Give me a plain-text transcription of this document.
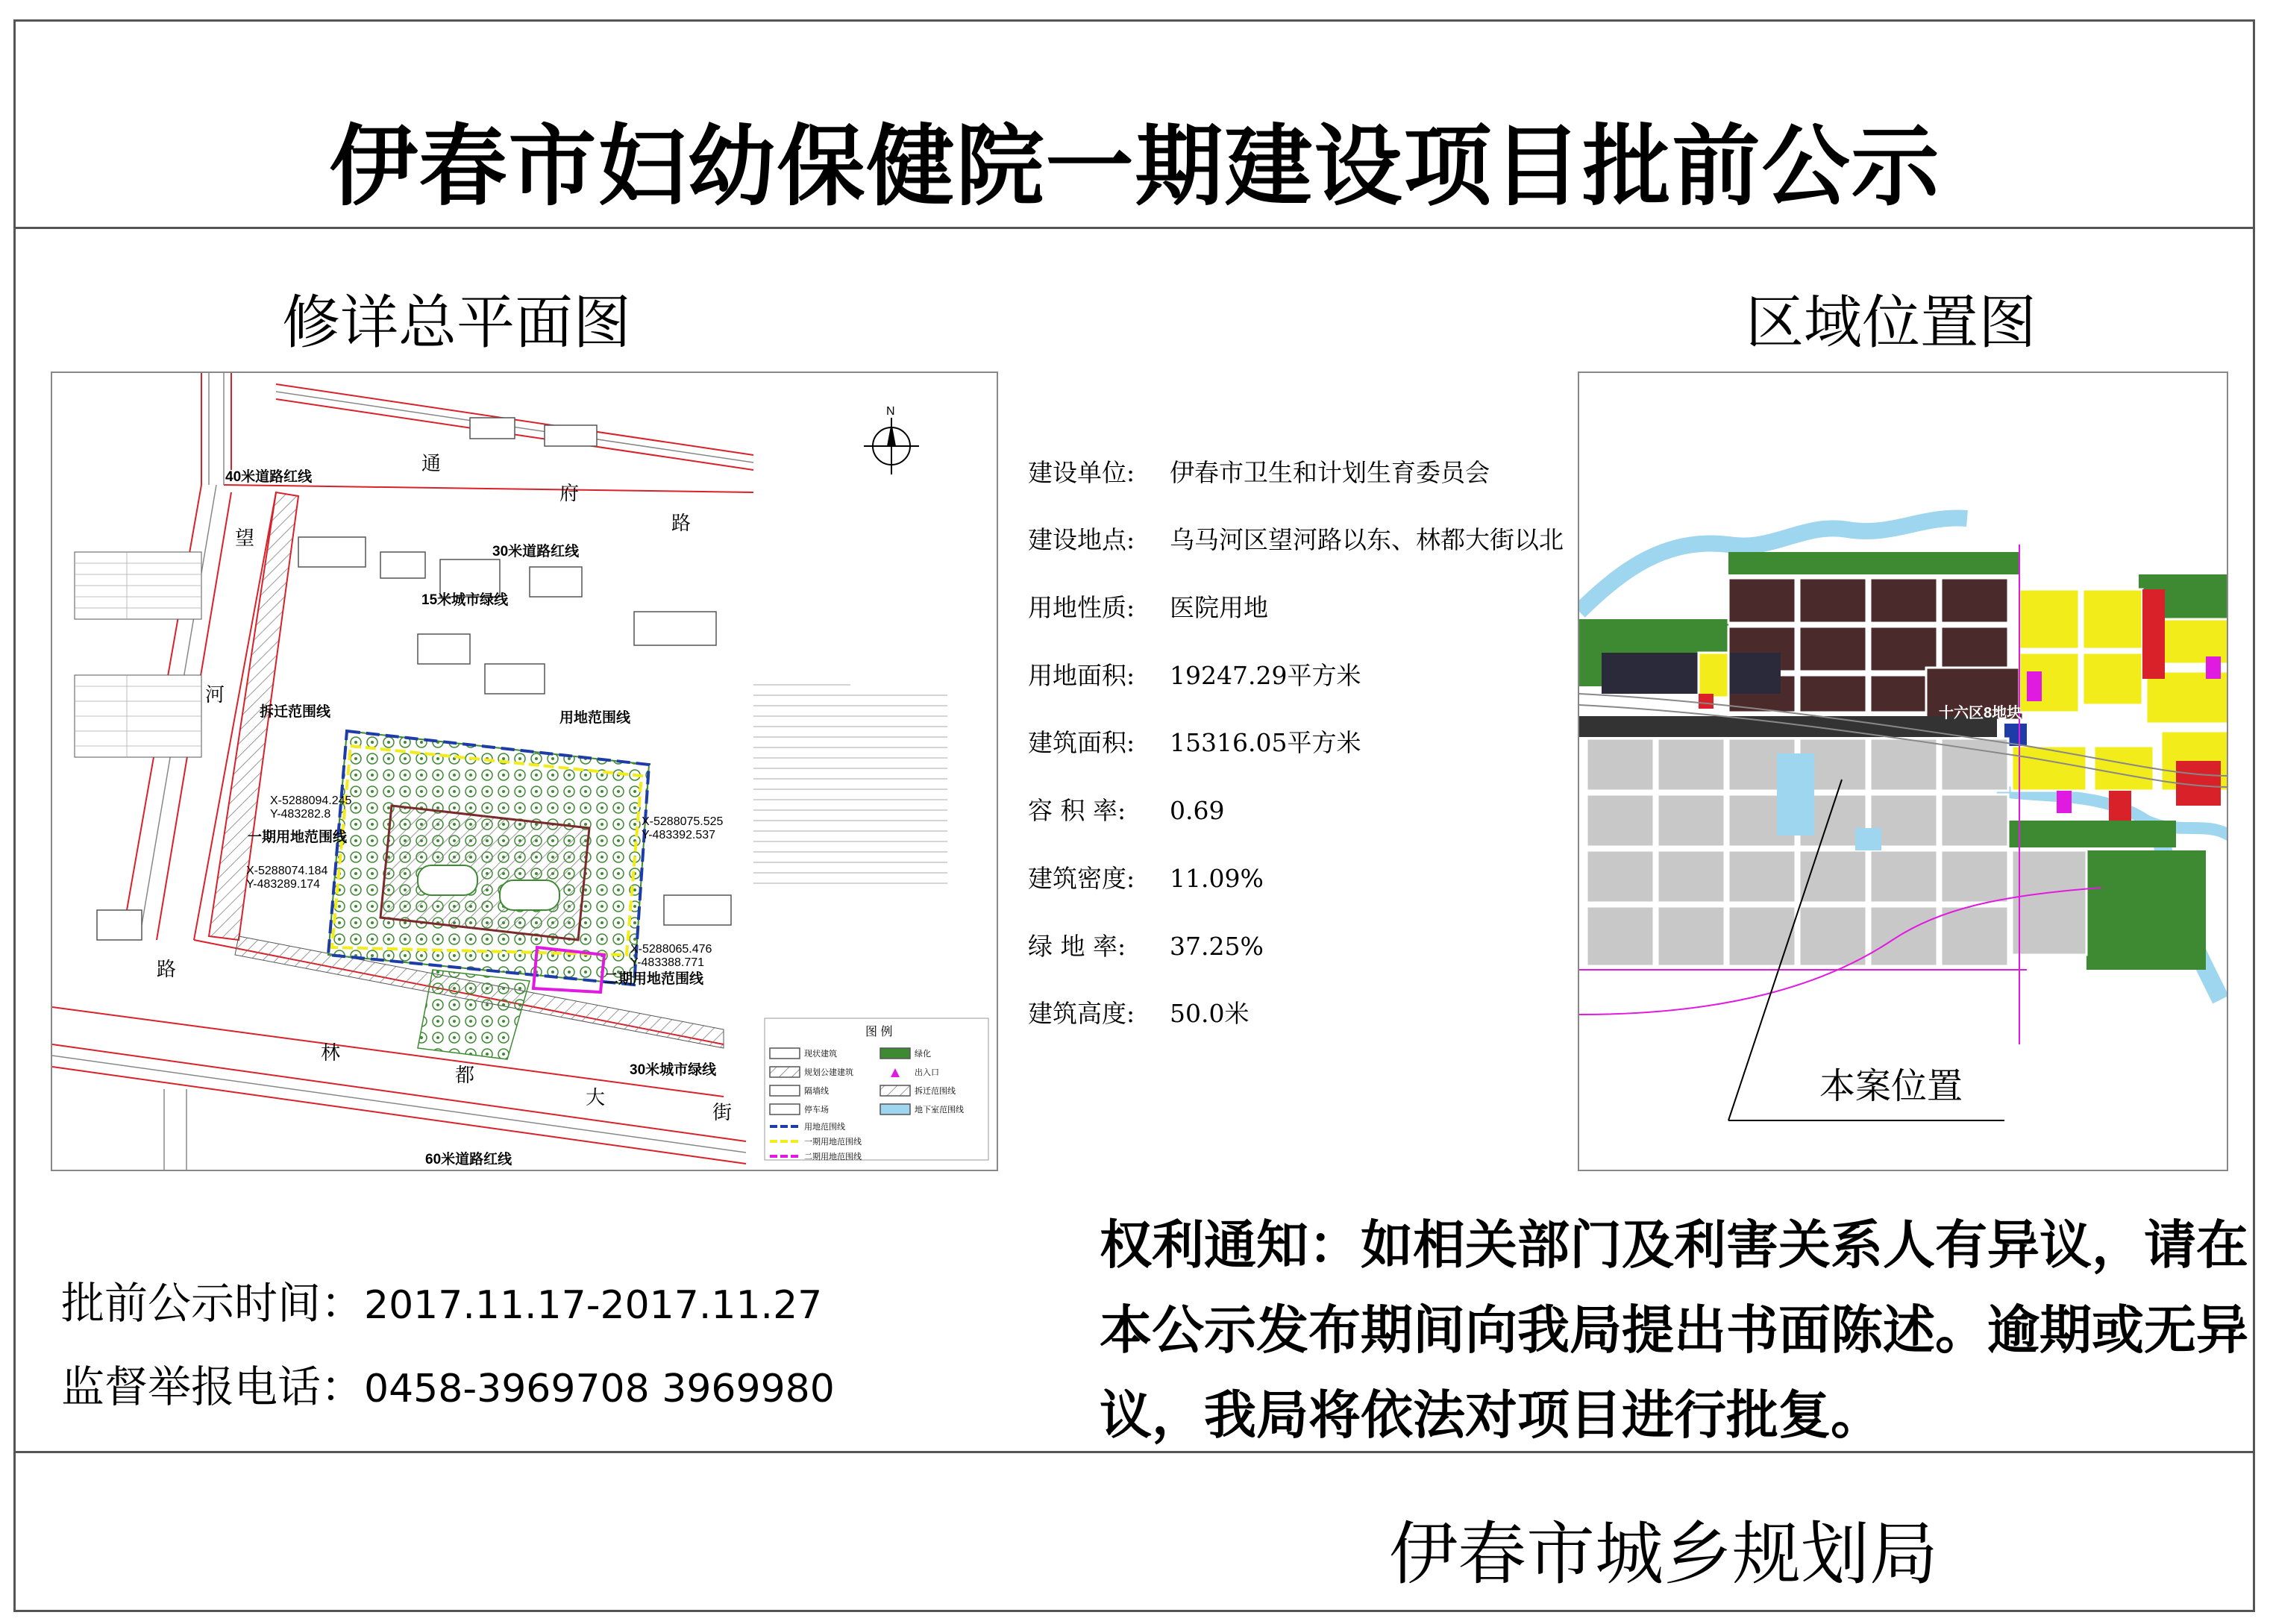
伊春市妇幼保健院一期建设项目批前公示
修详总平面图	区域位置图
N
40米道路红线
30米道路红线
15米城市绿线
拆迁范围线	用地范围线
一期用地范围线
二期用地范围线
30米城市绿线
60米道路红线
通
府
路
望
河
路
林
都
大
街
X-5288094.245
Y-483282.8
X-5288075.525
Y-483392.537
X-5288074.184
Y-483289.174
X-5288065.476
Y-483388.771
图 例
现状建筑
规划公建建筑
隔墙线
停车场
用地范围线
一期用地范围线
二期用地范围线
绿化
出入口
拆迁范围线
地下室范围线
十六区8地块
本案位置
建设单位: 伊春市卫生和计划生育委员会
建设地点: 乌马河区望河路以东、林都大街以北
用地性质: 医院用地
用地面积: 19247.29平方米
建筑面积: 15316.05平方米
容 积 率: 0.69
建筑密度: 11.09%
绿 地 率: 37.25%
建筑高度: 50.0米
权利通知：如相关部门及利害关系人有异议，请在本公示发布期间向我局提出书面陈述。逾期或无异议，我局将依法对项目进行批复。
批前公示时间：2017.11.17-2017.11.27
监督举报电话：0458-3969708 3969980
伊春市城乡规划局
